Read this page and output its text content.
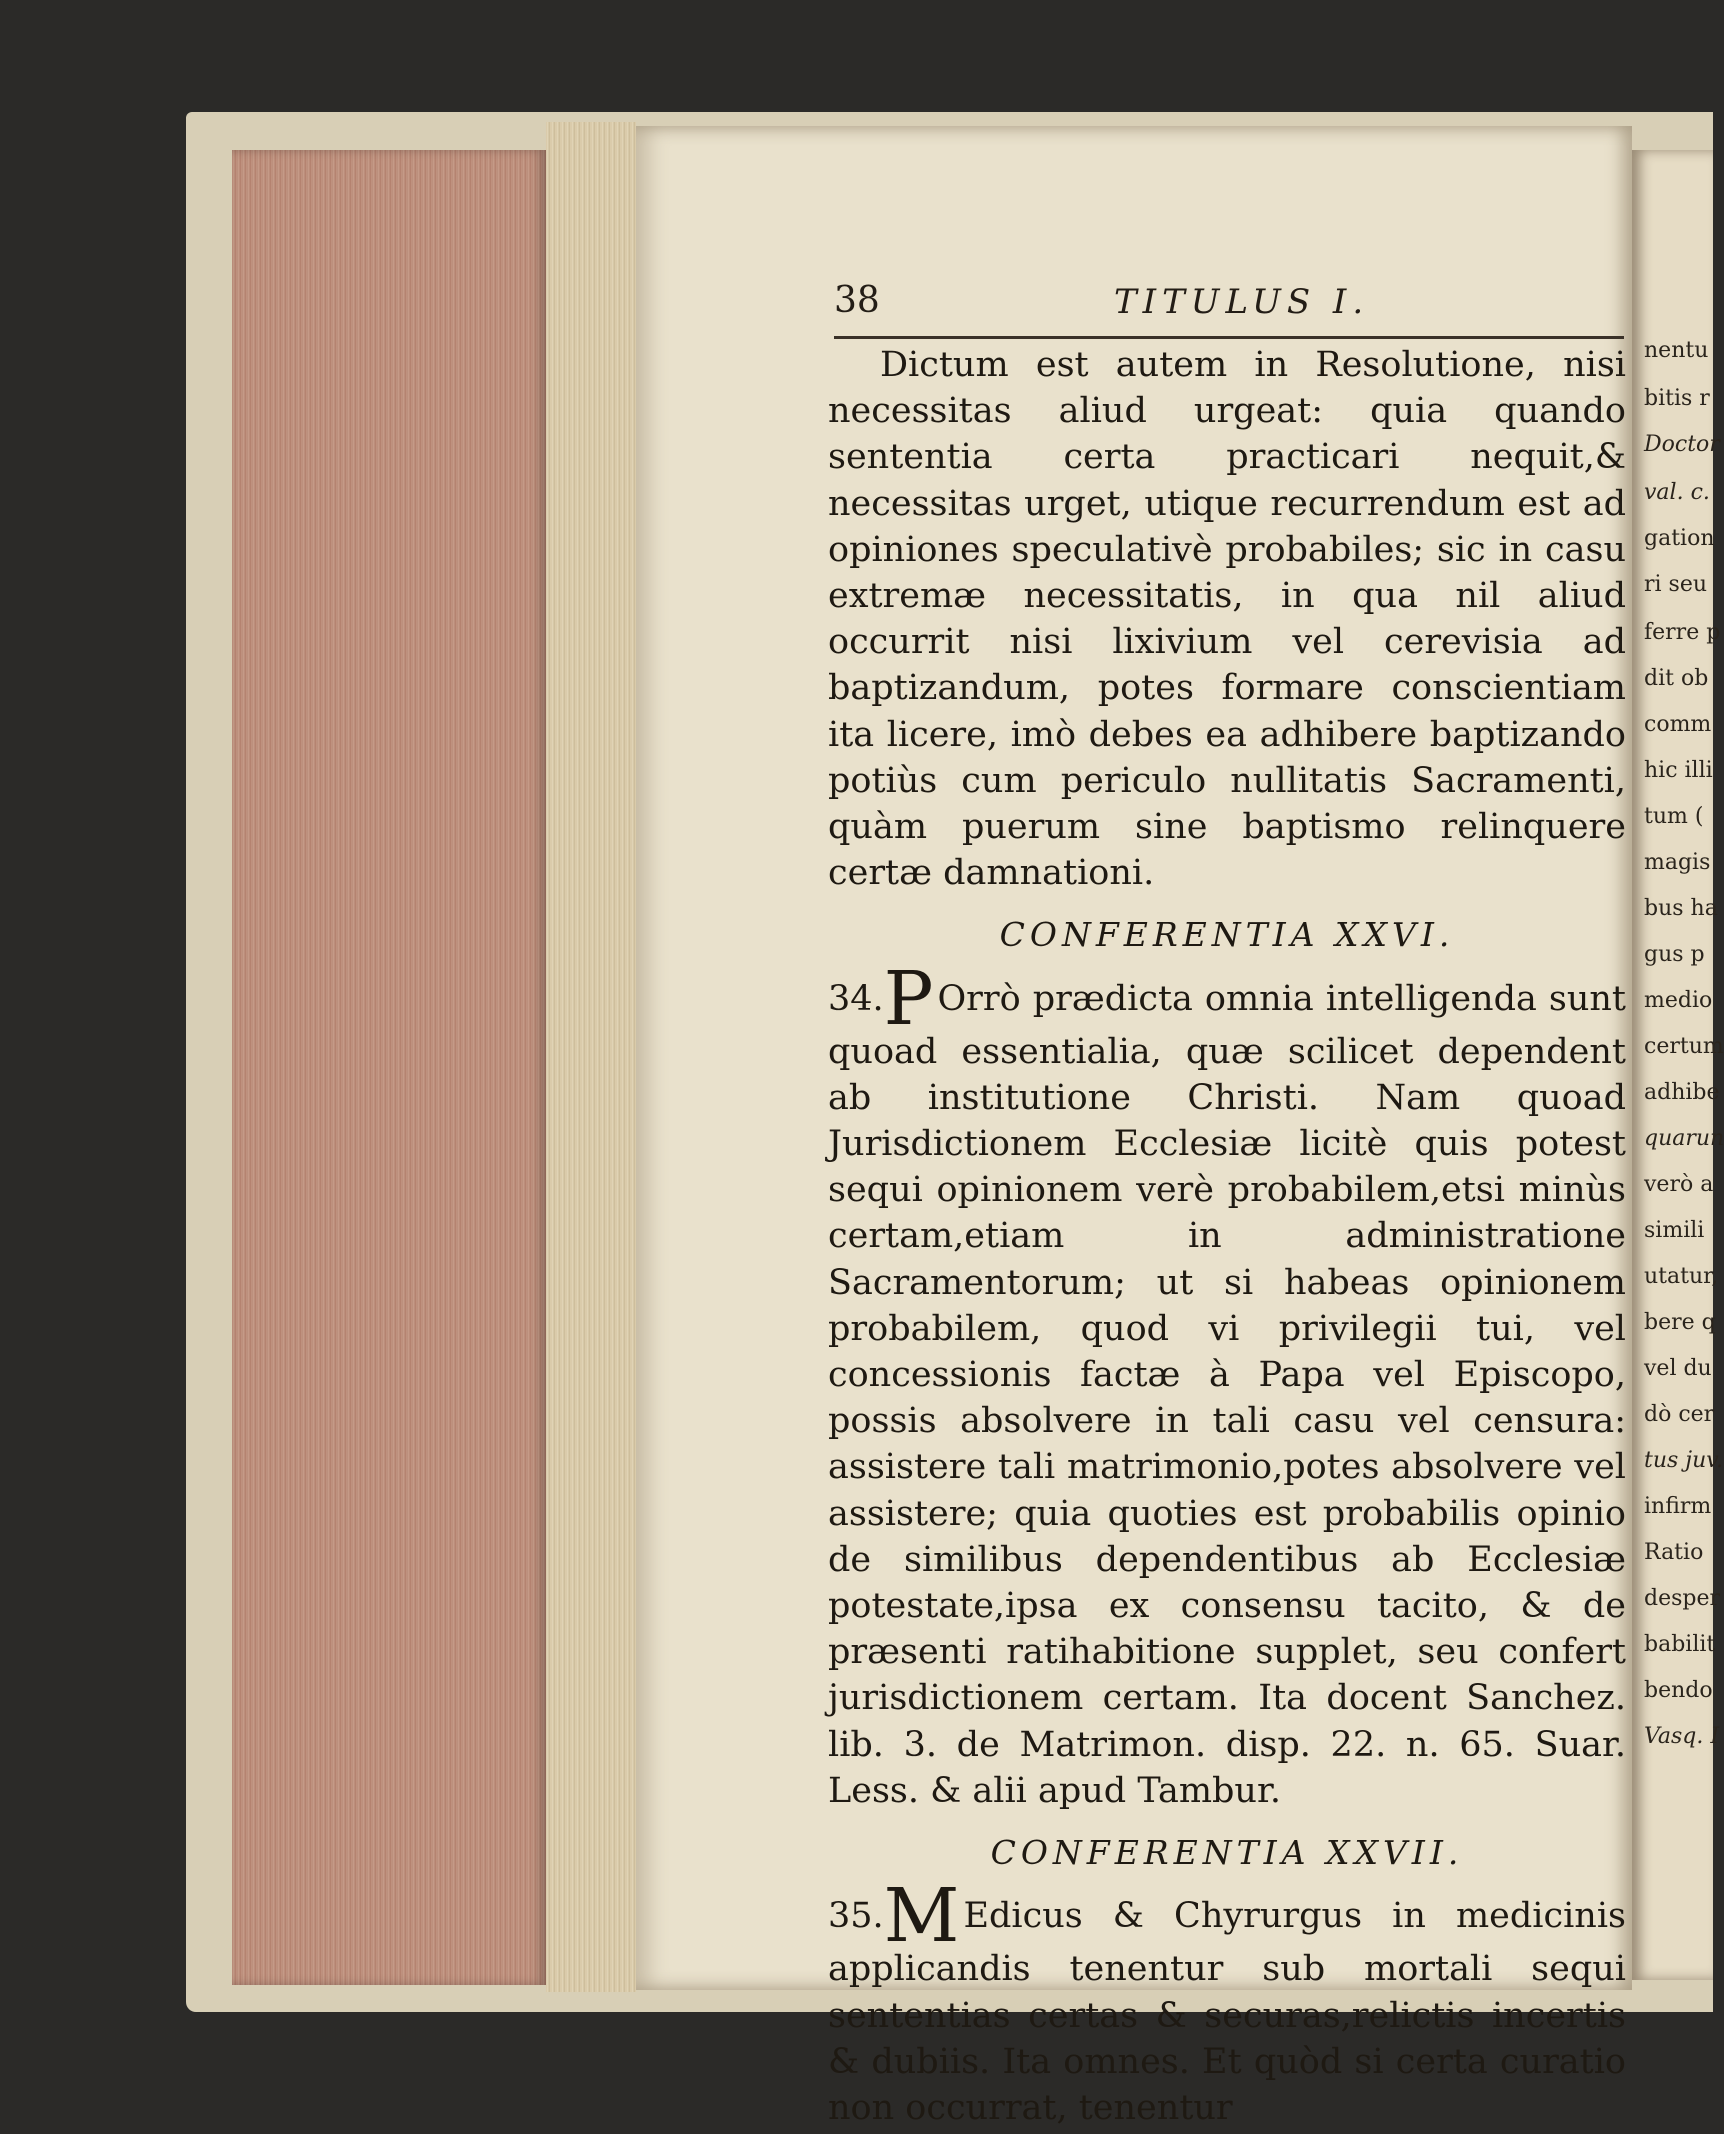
nentu
bitis r
Doctor
val. c.
gation
ri seu
ferre p
dit ob
comm
hic illi
tum (
magis
bus ha
gus p
medio
certum
adhibe
quarun
verò a
simili
utatur,
bere q
vel du
dò cer
tus juv.
infirm
Ratio
desper
babilit
bendo
Vasq. I
38	TITULUS I.

Dictum est autem in Resolutione, nisi necessitas aliud urgeat: quia quando sententia certa practicari nequit,& necessitas urget, utique recurrendum est ad opiniones speculativè probabiles; sic in casu extremæ necessitatis, in qua nil aliud occurrit nisi lixivium vel cerevisia ad baptizandum, potes formare conscientiam ita licere, imò debes ea adhibere baptizando potiùs cum periculo nullitatis Sacramenti, quàm puerum sine baptismo relinquere certæ damnationi.

CONFERENTIA XXVI.

34.P Orrò prædicta omnia intelligenda sunt quoad essentialia, quæ scilicet dependent ab institutione Christi. Nam quoad Jurisdictionem Ecclesiæ licitè quis potest sequi opinionem verè probabilem,etsi minùs certam,etiam in administratione Sacramentorum; ut si habeas opinionem probabilem, quod vi privilegii tui, vel concessionis factæ à Papa vel Episcopo, possis absolvere in tali casu vel censura: assistere tali matrimonio,potes absolvere vel assistere; quia quoties est probabilis opinio de similibus dependentibus ab Ecclesiæ potestate,ipsa ex consensu tacito, & de præsenti ratihabitione supplet, seu confert jurisdictionem certam. Ita docent Sanchez. lib. 3. de Matrimon. disp. 22. n. 65. Suar. Less. & alii apud Tambur.

CONFERENTIA XXVII.

35.M Edicus & Chyrurgus in medicinis applicandis tenentur sub mortali sequi sententias certas & securas,relictis incertis & dubiis. Ita omnes. Et quòd si certa curatio non occurrat, tenentur
